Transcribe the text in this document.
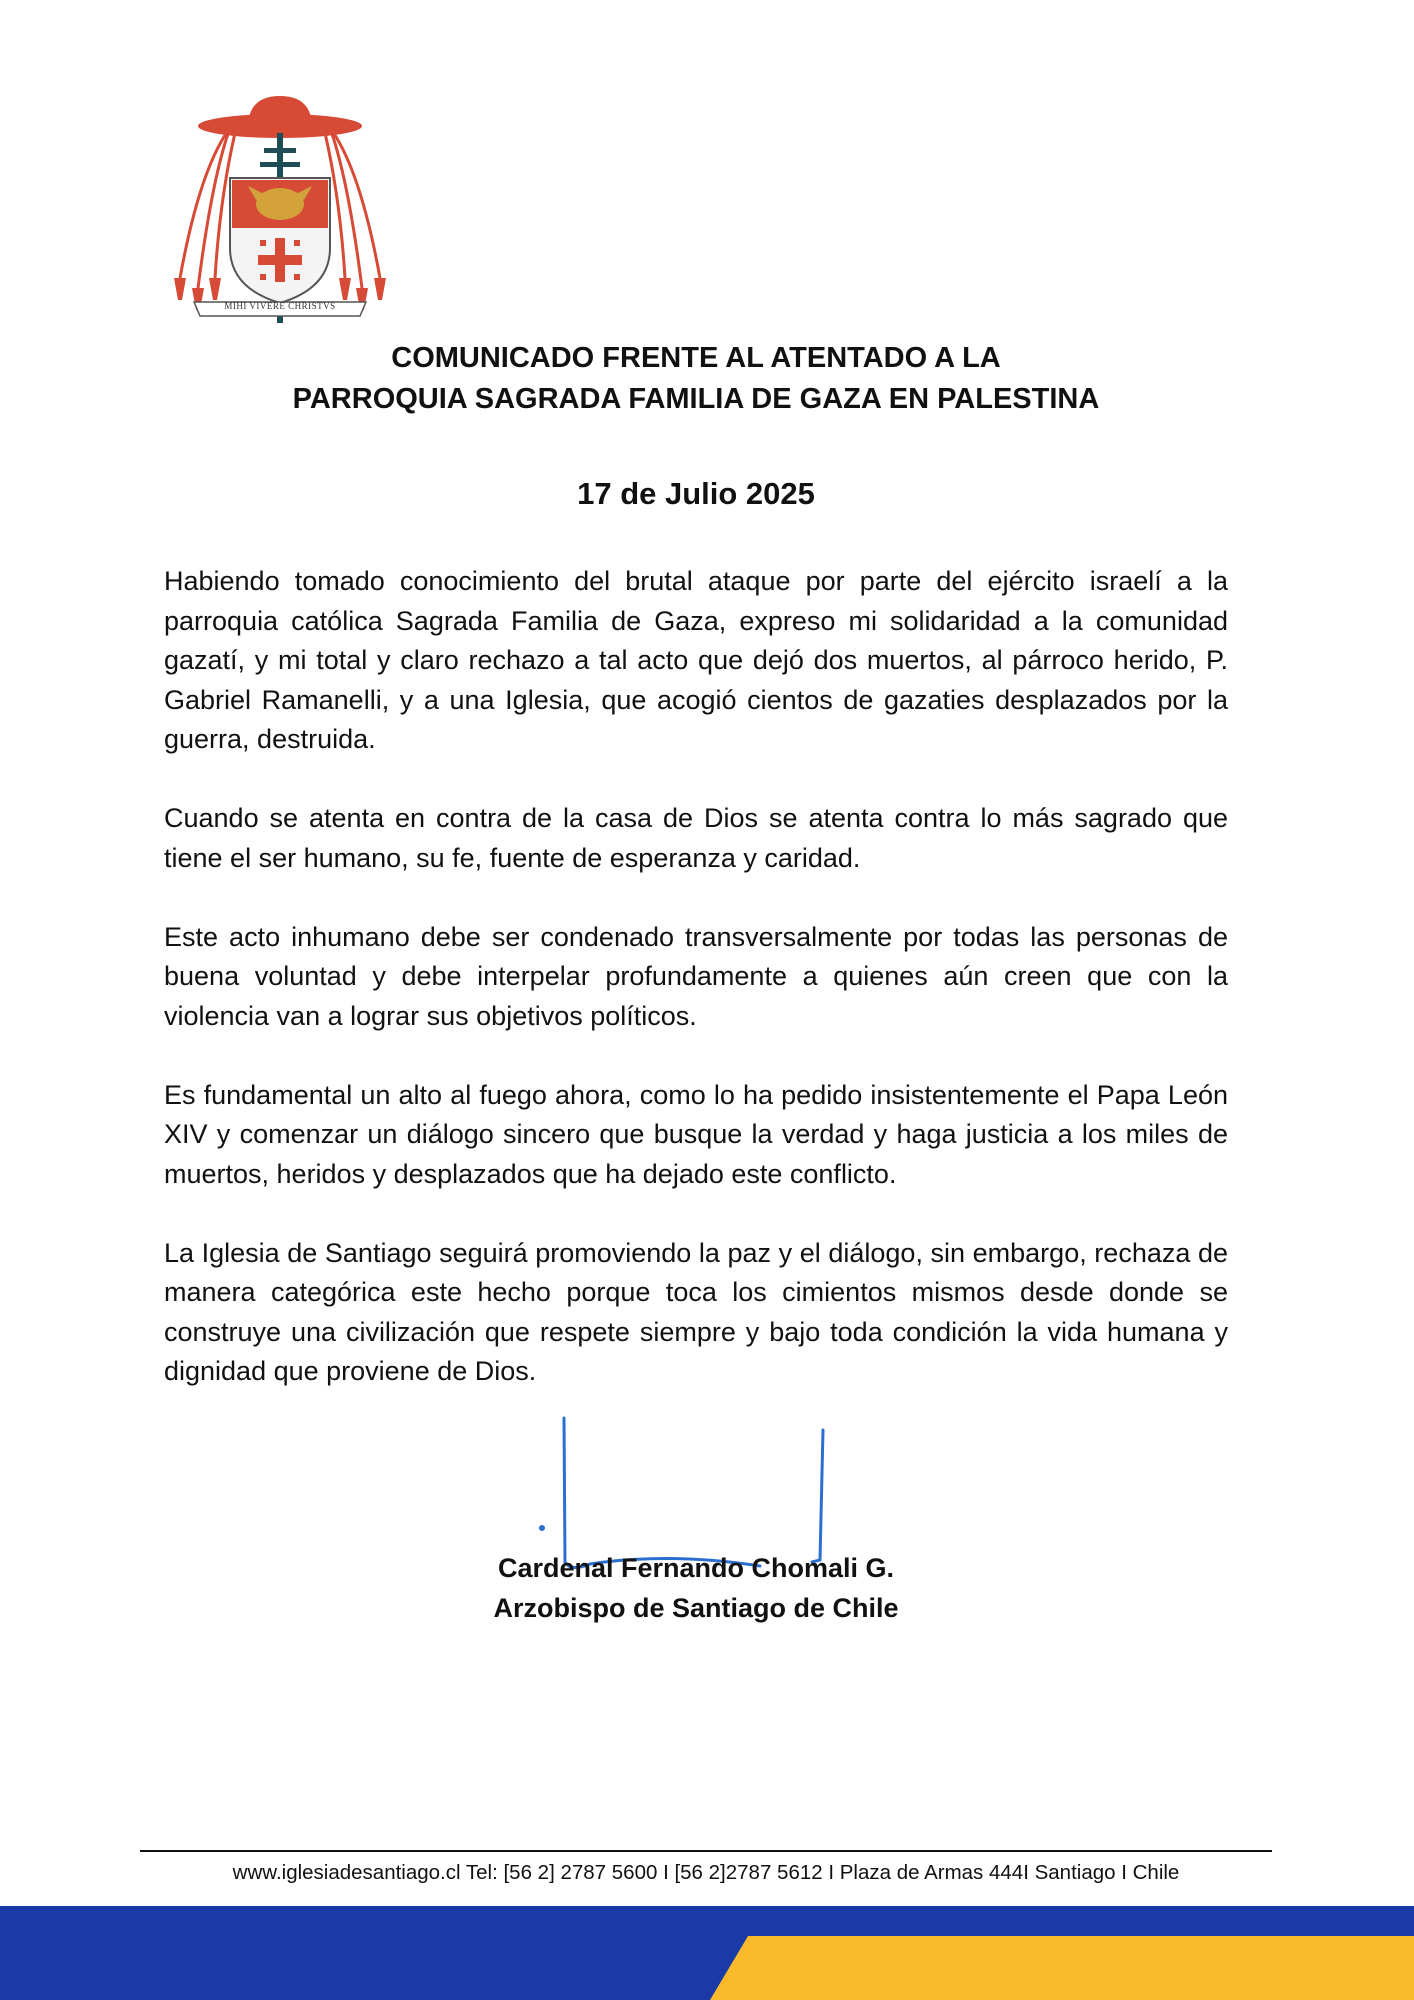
MIHI VIVERE CHRISTVS
COMUNICADO FRENTE AL ATENTADO A LA
PARROQUIA SAGRADA FAMILIA DE GAZA EN PALESTINA
17 de Julio 2025

Habiendo tomado conocimiento del brutal ataque por parte del ejército israelí a la parroquia católica Sagrada Familia de Gaza, expreso mi solidaridad a la comunidad gazatí, y mi total y claro rechazo a tal acto que dejó dos muertos, al párroco herido, P. Gabriel Ramanelli, y a una Iglesia, que acogió cientos de gazaties desplazados por la guerra, destruida.

Cuando se atenta en contra de la casa de Dios se atenta contra lo más sagrado que tiene el ser humano, su fe, fuente de esperanza y caridad.

Este acto inhumano debe ser condenado transversalmente por todas las personas de buena voluntad y debe interpelar profundamente a quienes aún creen que con la violencia van a lograr sus objetivos políticos.

Es fundamental un alto al fuego ahora, como lo ha pedido insistentemente el Papa León XIV y comenzar un diálogo sincero que busque la verdad y haga justicia a los miles de muertos, heridos y desplazados que ha dejado este conflicto.

La Iglesia de Santiago seguirá promoviendo la paz y el diálogo, sin embargo, rechaza de manera categórica este hecho porque toca los cimientos mismos desde donde se construye una civilización que respete siempre y bajo toda condición la vida humana y dignidad que proviene de Dios.

Cardenal Fernando Chomali G.
Arzobispo de Santiago de Chile
www.iglesiadesantiago.cl Tel: [56 2] 2787 5600 I [56 2]2787 5612 I Plaza de Armas 444I Santiago I Chile
